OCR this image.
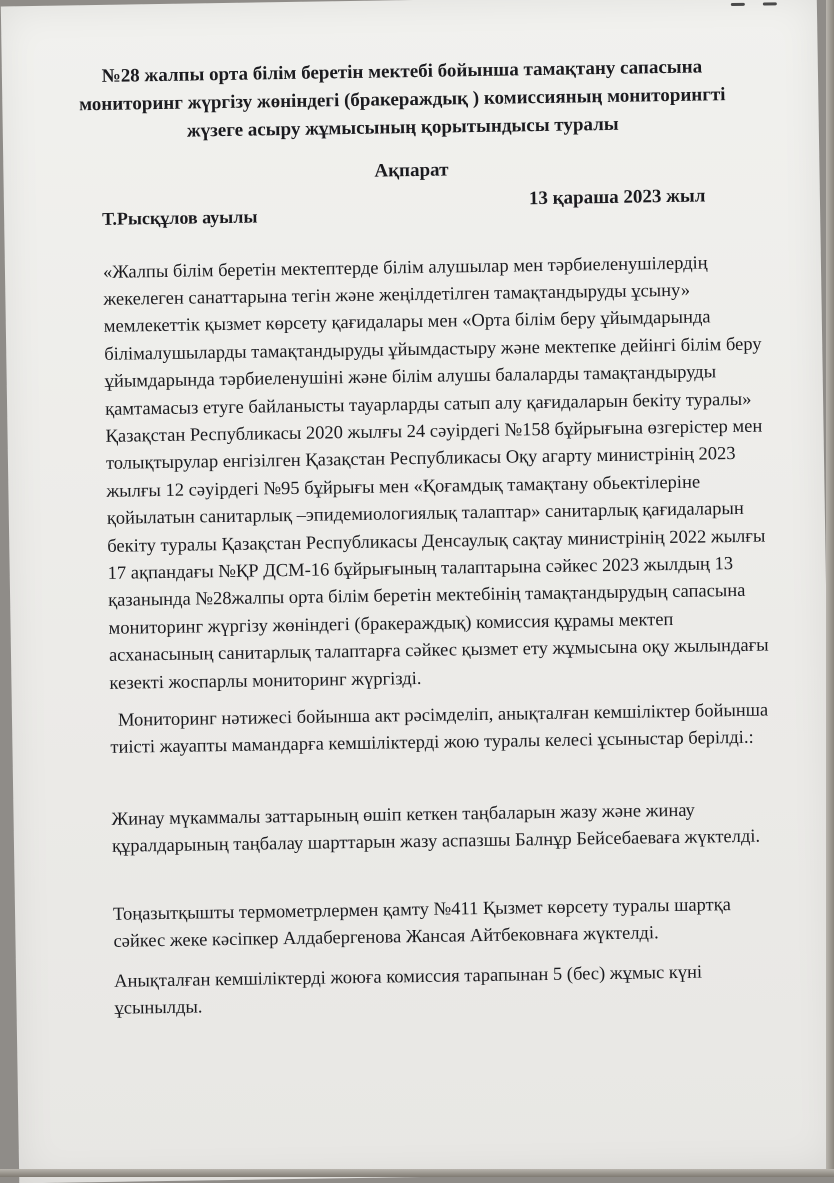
№28 жалпы орта білім беретін мектебі бойынша тамақтану сапасына мониторинг жүргізу жөніндегі (бракераждық ) комиссияның мониторингті жүзеге асыру жұмысының қорытындысы туралы
Ақпарат
13 қараша 2023 жыл
Т.Рысқұлов ауылы

«Жалпы білім беретін мектептерде білім алушылар мен тәрбиеленушілердің жекелеген санаттарына тегін және жеңілдетілген тамақтандыруды ұсыну» мемлекеттік қызмет көрсету қағидалары мен «Орта білім беру ұйымдарында білімалушыларды тамақтандыруды ұйымдастыру және мектепке дейінгі білім беру ұйымдарында тәрбиеленушіні және білім алушы балаларды тамақтандыруды қамтамасыз етуге байланысты тауарларды сатып алу қағидаларын бекіту туралы» Қазақстан Республикасы 2020 жылғы 24 сәуірдегі №158 бұйрығына өзгерістер мен толықтырулар енгізілген Қазақстан Республикасы Оқу агарту министрінің 2023 жылғы 12 сәуірдегі №95 бұйрығы мен «Қоғамдық тамақтану обьектілеріне қойылатын санитарлық –эпидемиологиялық талаптар» санитарлық қағидаларын бекіту туралы Қазақстан Республикасы Денсаулық сақтау министрінің 2022 жылғы 17 ақпандағы №ҚР ДСМ-16 бұйрығының талаптарына сәйкес 2023 жылдың 13 қазанында №28жалпы орта білім беретін мектебінің тамақтандырудың сапасына мониторинг жүргізу жөніндегі (бракераждық) комиссия құрамы мектеп асханасының санитарлық талаптарға сәйкес қызмет ету жұмысына оқу жылындағы кезекті жоспарлы мониторинг жүргізді.

Мониторинг нәтижесі бойынша акт рәсімделіп, анықталған кемшіліктер бойынша тиісті жауапты мамандарға кемшіліктерді жою туралы келесі ұсыныстар берілді.:

Жинау мүкаммалы заттарының өшіп кеткен таңбаларын жазу және жинау құралдарының таңбалау шарттарын жазу аспазшы Балнұр Бейсебаеваға жүктелді.

Тоңазытқышты термометрлермен қамту №411 Қызмет көрсету туралы шартқа сәйкес жеке кәсіпкер Алдабергенова Жансая Айтбековнаға жүктелді.

Анықталған кемшіліктерді жоюға комиссия тарапынан 5 (бес) жұмыс күні ұсынылды.
